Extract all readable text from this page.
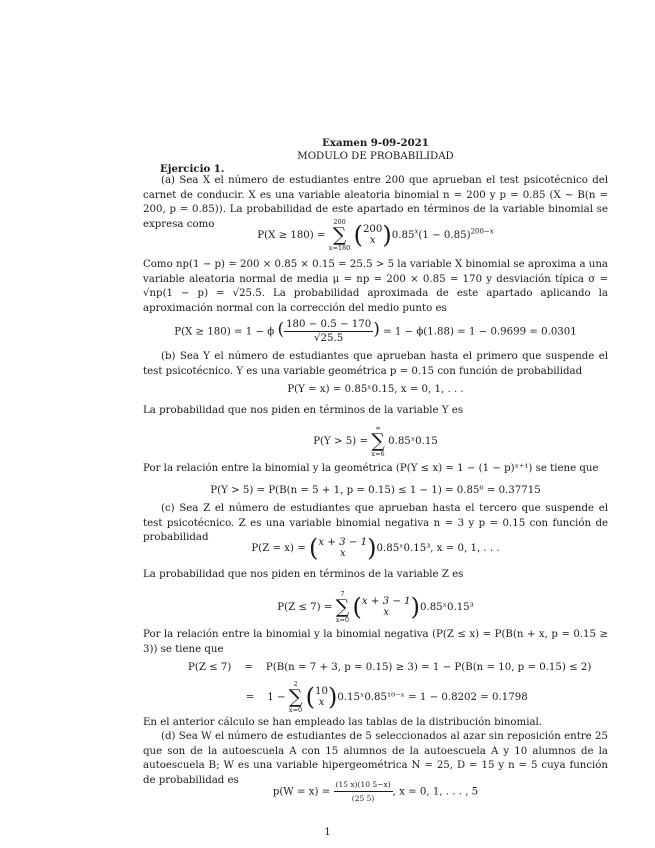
Examen 9-09-2021
MODULO DE PROBABILIDAD
Ejercicio 1.
(a) Sea X el número de estudiantes entre 200 que aprueban el test psicotécnico del carnet de conducir. X es una variable aleatoria binomial n = 200 y p = 0.85 (X ∼ B(n = 200, p = 0.85)). La probabilidad de este apartado en términos de la variable binomial se expresa como
P(X ≥ 180) =
200
∑
x=180 (200
x )$0.85^x(1 - 0.85)^{200-x}$
Como np(1 − p) = 200 × 0.85 × 0.15 = 25.5 > 5 la variable X binomial se aproxima a una variable aleatoria normal de media μ = np = 200 × 0.85 = 170 y desviación típica σ = √np(1 − p) = √25.5. La probabilidad aproximada de este apartado aplicando la aproximación normal con la corrección del medio punto es
P(X ≥ 180) = 1 − ϕ ( $\frac{180 - 0.5 - 170}{√25.5}$ ) = 1 − ϕ(1.88) = 1 − 0.9699 = 0.0301
(b) Sea Y el número de estudiantes que aprueban hasta el primero que suspende el test psicotécnico. Y es una variable geométrica p = 0.15 con función de probabilidad
P(Y = x) = 0.85ˣ0.15, x = 0, 1, . . .
La probabilidad que nos piden en términos de la variable Y es
P(Y > 5) =
∞
∑
x=6
0.85ˣ0.15
Por la relación entre la binomial y la geométrica (P(Y ≤ x) = 1 − (1 − p)ˣ⁺¹) se tiene que
P(Y > 5) = P(B(n = 5 + 1, p = 0.15) ≤ 1 − 1) = 0.85⁶ = 0.37715
(c) Sea Z el número de estudiantes que aprueban hasta el tercero que suspende el test psicotécnico. Z es una variable binomial negativa n = 3 y p = 0.15 con función de probabilidad
P(Z = x) = (x + 3 − 1
x )0.85ˣ0.15³, x = 0, 1, . . .
La probabilidad que nos piden en términos de la variable Z es
P(Z ≤ 7) =
7
∑
x=0 (x + 3 − 1
x )0.85ˣ0.15³
Por la relación entre la binomial y la binomial negativa (P(Z ≤ x) = P(B(n + x, p = 0.15 ≥ 3)) se tiene que
P(Z ≤ 7) = P(B(n = 7 + 3, p = 0.15) ≥ 3) = 1 − P(B(n = 10, p = 0.15) ≤ 2)
= 1 −
2
∑
x=0 (10
x )0.15ˣ0.85¹⁰⁻ˣ = 1 − 0.8202 = 0.1798
En el anterior cálculo se han empleado las tablas de la distribución binomial.
(d) Sea W el número de estudiantes de 5 seleccionados al azar sin reposición entre 25 que son de la autoescuela A con 15 alumnos de la autoescuela A y 10 alumnos de la autoescuela B; W es una variable hipergeométrica N = 25, D = 15 y n = 5 cuya función de probabilidad es
$p(W = x) = \frac{(15 x)(10 5-x)}{(25 5)}$ , x = 0, 1, . . . , 5
1
